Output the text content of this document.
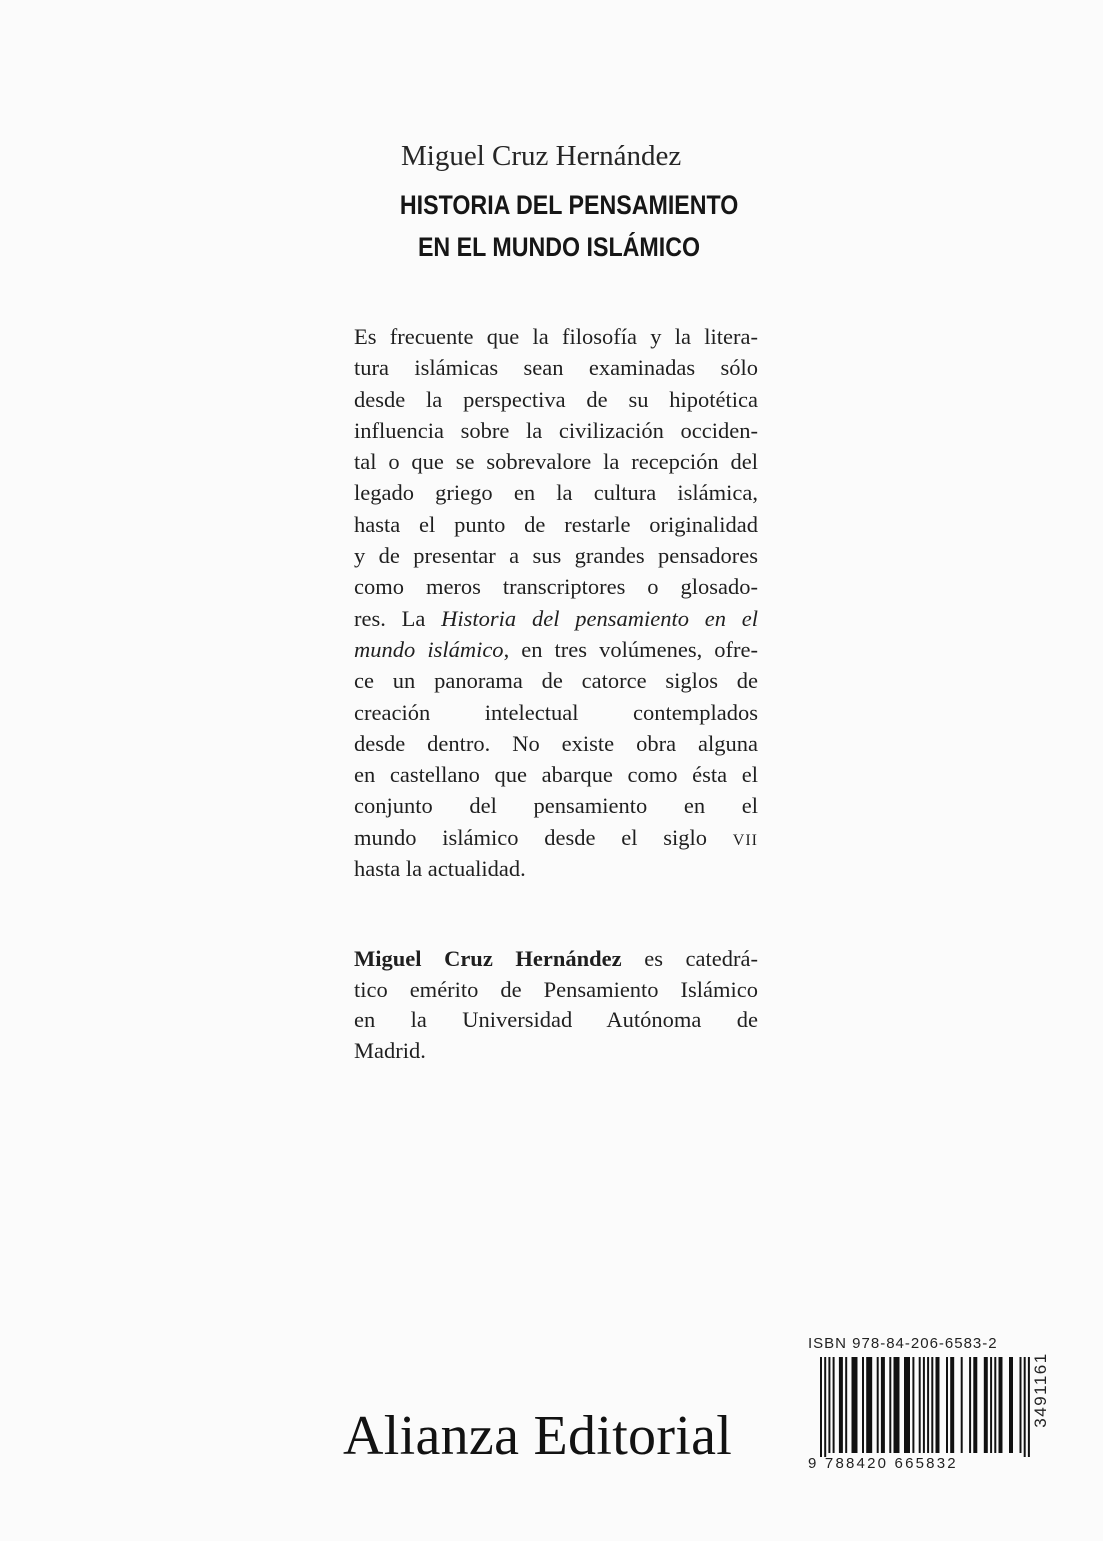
Miguel Cruz Hernández
HISTORIA DEL PENSAMIENTO
EN EL MUNDO ISLÁMICO
Es frecuente que la filosofía y la litera-
tura islámicas sean examinadas sólo
desde la perspectiva de su hipotética
influencia sobre la civilización occiden-
tal o que se sobrevalore la recepción del
legado griego en la cultura islámica,
hasta el punto de restarle originalidad
y de presentar a sus grandes pensadores
como meros transcriptores o glosado-
res. La Historia del pensamiento en el
mundo islámico, en tres volúmenes, ofre-
ce un panorama de catorce siglos de
creación intelectual contemplados
desde dentro. No existe obra alguna
en castellano que abarque como ésta el
conjunto del pensamiento en el
mundo islámico desde el siglo vii
hasta la actualidad.
Miguel Cruz Hernández es catedrá-
tico emérito de Pensamiento Islámico
en la Universidad Autónoma de
Madrid.
Alianza Editorial
ISBN 978-84-206-6583-2
9 788420 665832
3491161
